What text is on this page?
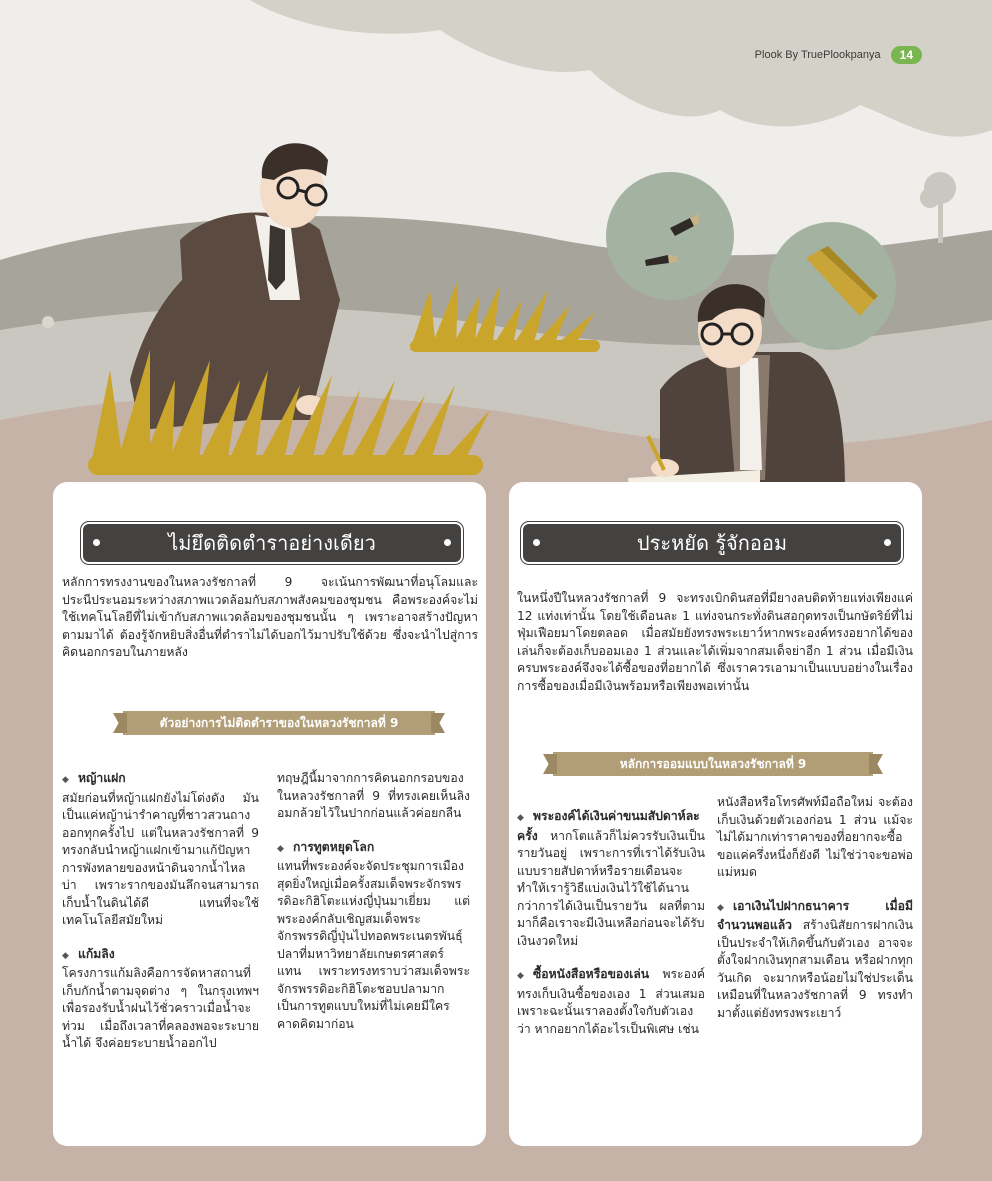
Plook By TruePlookpanya	14
ไม่ยึดติดตำราอย่างเดียว

หลักการทรงงานของในหลวงรัชกาลที่ 9 จะเน้นการพัฒนาที่อนุโลมและประนีประนอมระหว่างสภาพแวดล้อมกับสภาพสังคมของชุมชน คือพระองค์จะไม่ใช้เทคโนโลยีที่ไม่เข้ากับสภาพแวดล้อมของชุมชนนั้น ๆ เพราะอาจสร้างปัญหาตามมาได้ ต้องรู้จักหยิบสิ่งอื่นที่ตำราไม่ได้บอกไว้มาปรับใช้ด้วย ซึ่งจะนำไปสู่การคิดนอกกรอบในภายหลัง

ตัวอย่างการไม่ติดตำราของในหลวงรัชกาลที่ 9
◆ หญ้าแฝก
สมัยก่อนที่หญ้าแฝกยังไม่โด่งดัง มันเป็นแค่หญ้าน่ารำคาญที่ชาวสวนถางออกทุกครั้งไป แต่ในหลวงรัชกาลที่ 9 ทรงกลับนำหญ้าแฝกเข้ามาแก้ปัญหาการพังทลายของหน้าดินจากน้ำไหลบ่า เพราะรากของมันลึกจนสามารถเก็บน้ำในดินได้ดี แทนที่จะใช้เทคโนโลยีสมัยใหม่
◆ แก้มลิง
โครงการแก้มลิงคือการจัดหาสถานที่เก็บกักน้ำตามจุดต่าง ๆ ในกรุงเทพฯ เพื่อรองรับน้ำฝนไว้ชั่วคราวเมื่อน้ำจะท่วม เมื่อถึงเวลาที่คลองพอจะระบายน้ำได้ จึงค่อยระบายน้ำออกไป
ทฤษฎีนี้มาจากการคิดนอกกรอบของในหลวงรัชกาลที่ 9 ที่ทรงเคยเห็นลิงอมกล้วยไว้ในปากก่อนแล้วค่อยกลืน
◆ การทูตหยุดโลก
แทนที่พระองค์จะจัดประชุมการเมืองสุดยิ่งใหญ่เมื่อครั้งสมเด็จพระจักรพรรดิอะกิฮิโตะแห่งญี่ปุ่นมาเยี่ยม แต่พระองค์กลับเชิญสมเด็จพระจักรพรรดิญี่ปุ่นไปทอดพระเนตรพันธุ์ปลาที่มหาวิทยาลัยเกษตรศาสตร์ แทน เพราะทรงทราบว่าสมเด็จพระจักรพรรดิอะกิฮิโตะชอบปลามาก เป็นการทูตแบบใหม่ที่ไม่เคยมีใครคาดคิดมาก่อน
ประหยัด รู้จักออม

ในหนึ่งปีในหลวงรัชกาลที่ 9 จะทรงเบิกดินสอที่มียางลบติดท้ายแท่งเพียงแค่ 12 แท่งเท่านั้น โดยใช้เดือนละ 1 แท่งจนกระทั่งดินสอกุดทรงเป็นกษัตริย์ที่ไม่ฟุ่มเฟือยมาโดยตลอด เมื่อสมัยยังทรงพระเยาว์หากพระองค์ทรงอยากได้ของเล่นก็จะต้องเก็บออมเอง 1 ส่วนและได้เพิ่มจากสมเด็จย่าอีก 1 ส่วน เมื่อมีเงินครบพระองค์จึงจะได้ซื้อของที่อยากได้ ซึ่งเราควรเอามาเป็นแบบอย่างในเรื่องการซื้อของเมื่อมีเงินพร้อมหรือเพียงพอเท่านั้น

หลักการออมแบบในหลวงรัชกาลที่ 9
◆ พระองค์ได้เงินค่าขนมสัปดาห์ละครั้ง หากโตแล้วก็ไม่ควรรับเงินเป็นรายวันอยู่ เพราะการที่เราได้รับเงินแบบรายสัปดาห์หรือรายเดือนจะทำให้เรารู้วิธีแบ่งเงินไว้ใช้ได้นานกว่าการได้เงินเป็นรายวัน ผลที่ตามมาก็คือเราจะมีเงินเหลือก่อนจะได้รับเงินงวดใหม่
◆ ซื้อหนังสือหรือของเล่น พระองค์ทรงเก็บเงินซื้อของเอง 1 ส่วนเสมอ เพราะฉะนั้นเราลองตั้งใจกับตัวเองว่า หากอยากได้อะไรเป็นพิเศษ เช่น
หนังสือหรือโทรศัพท์มือถือใหม่ จะต้องเก็บเงินด้วยตัวเองก่อน 1 ส่วน แม้จะไม่ได้มากเท่าราคาของที่อยากจะซื้อ ขอแค่ครึ่งหนึ่งก็ยังดี ไม่ใช่ว่าจะขอพ่อแม่หมด
◆ เอาเงินไปฝากธนาคาร เมื่อมีจำนวนพอแล้ว สร้างนิสัยการฝากเงินเป็นประจำให้เกิดขึ้นกับตัวเอง อาจจะตั้งใจฝากเงินทุกสามเดือน หรือฝากทุกวันเกิด จะมากหรือน้อยไม่ใช่ประเด็น เหมือนที่ในหลวงรัชกาลที่ 9 ทรงทำมาตั้งแต่ยังทรงพระเยาว์
